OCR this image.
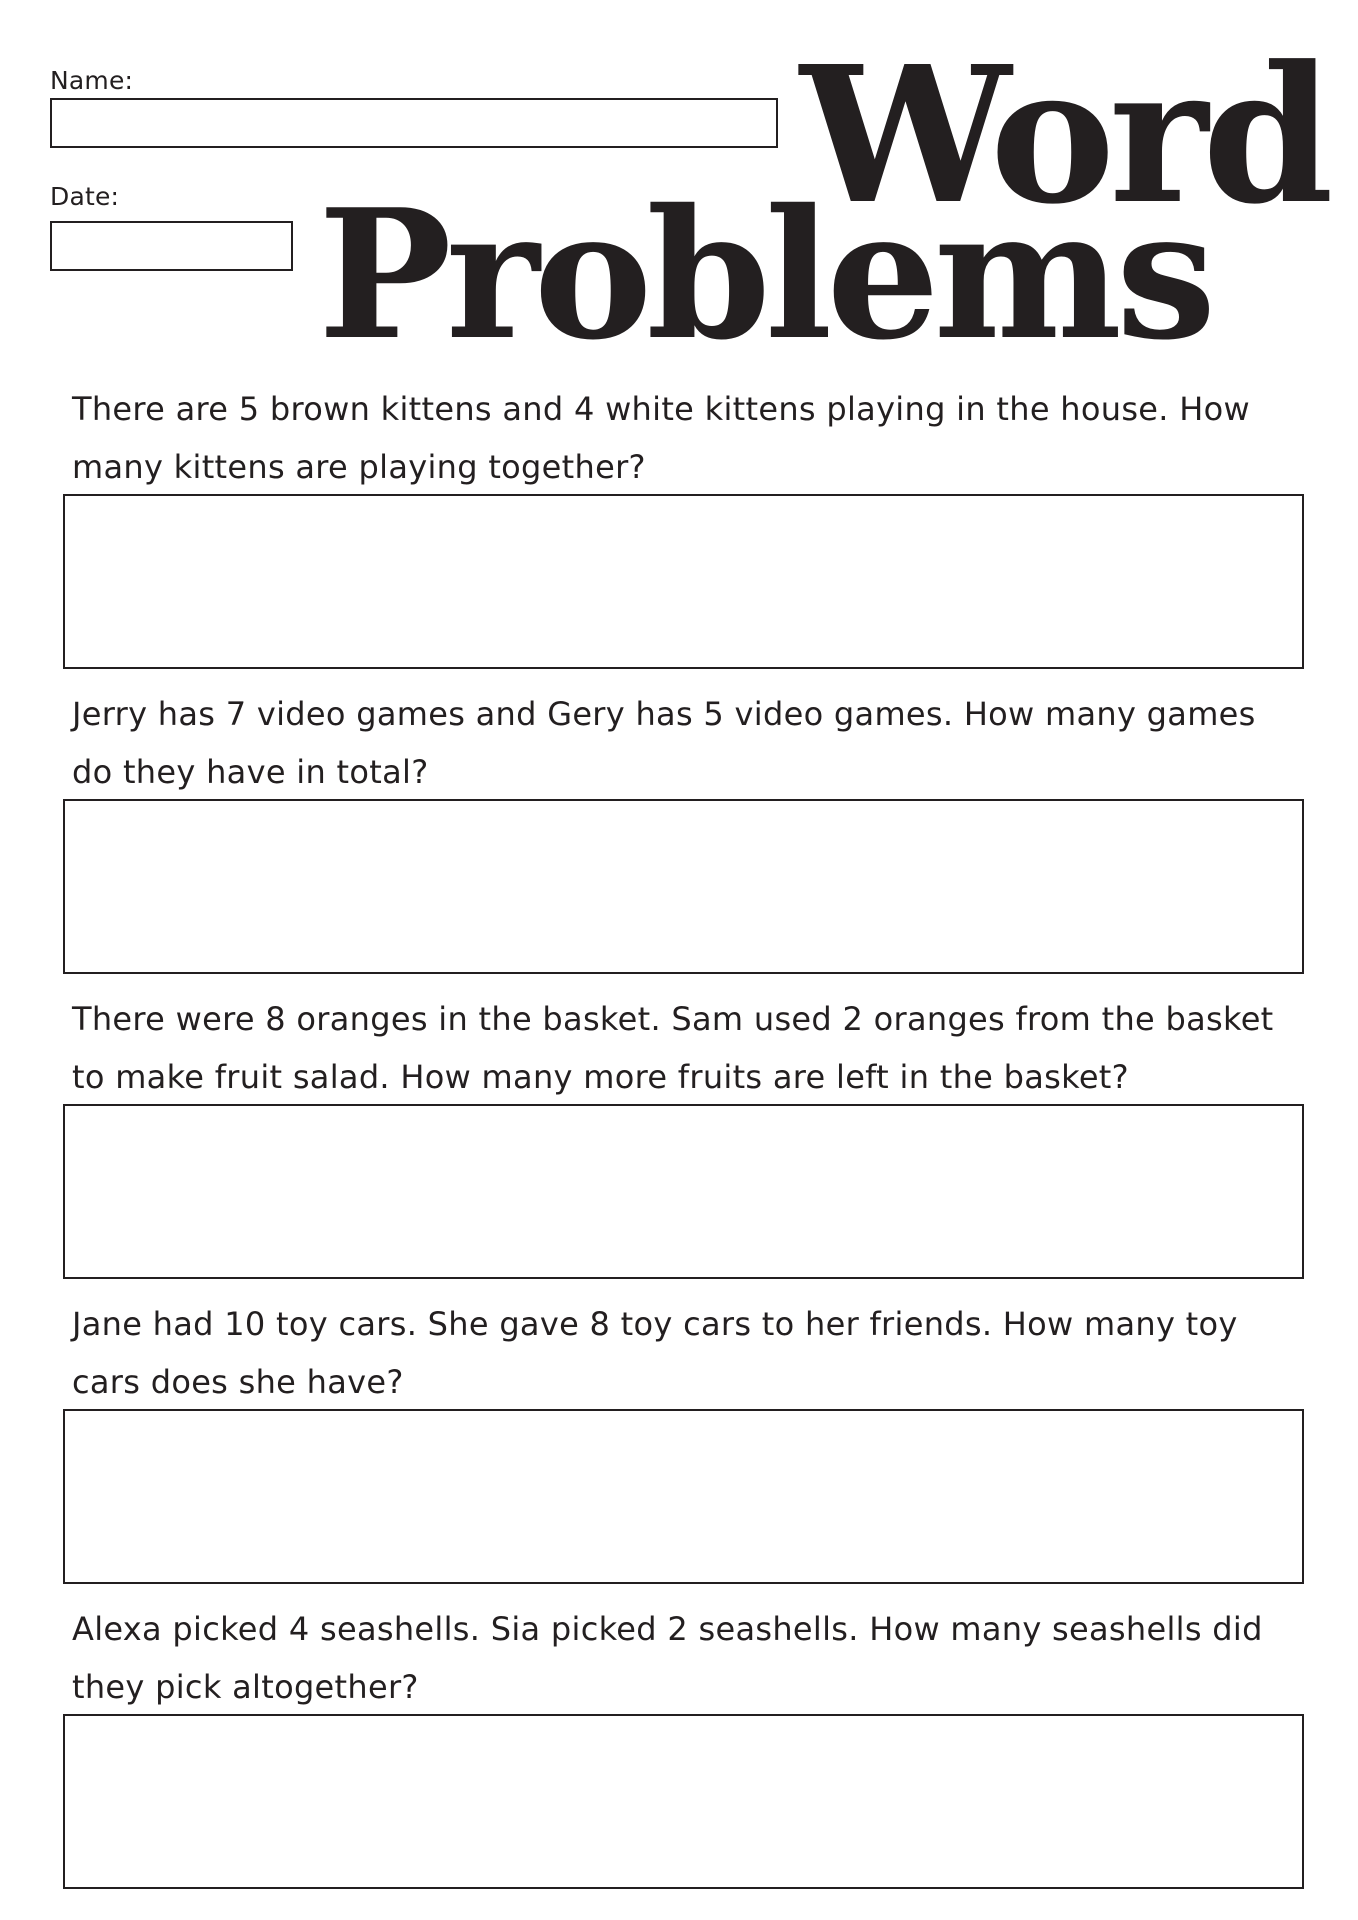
Name:
Date:	Word
Problems
There are 5 brown kittens and 4 white kittens playing in the house. How many kittens are playing together?
Jerry has 7 video games and Gery has 5 video games. How many games do they have in total?
There were 8 oranges in the basket. Sam used 2 oranges from the basket to make fruit salad. How many more fruits are left in the basket?
Jane had 10 toy cars. She gave 8 toy cars to her friends. How many toy cars does she have?
Alexa picked 4 seashells. Sia picked 2 seashells. How many seashells did they pick altogether?
